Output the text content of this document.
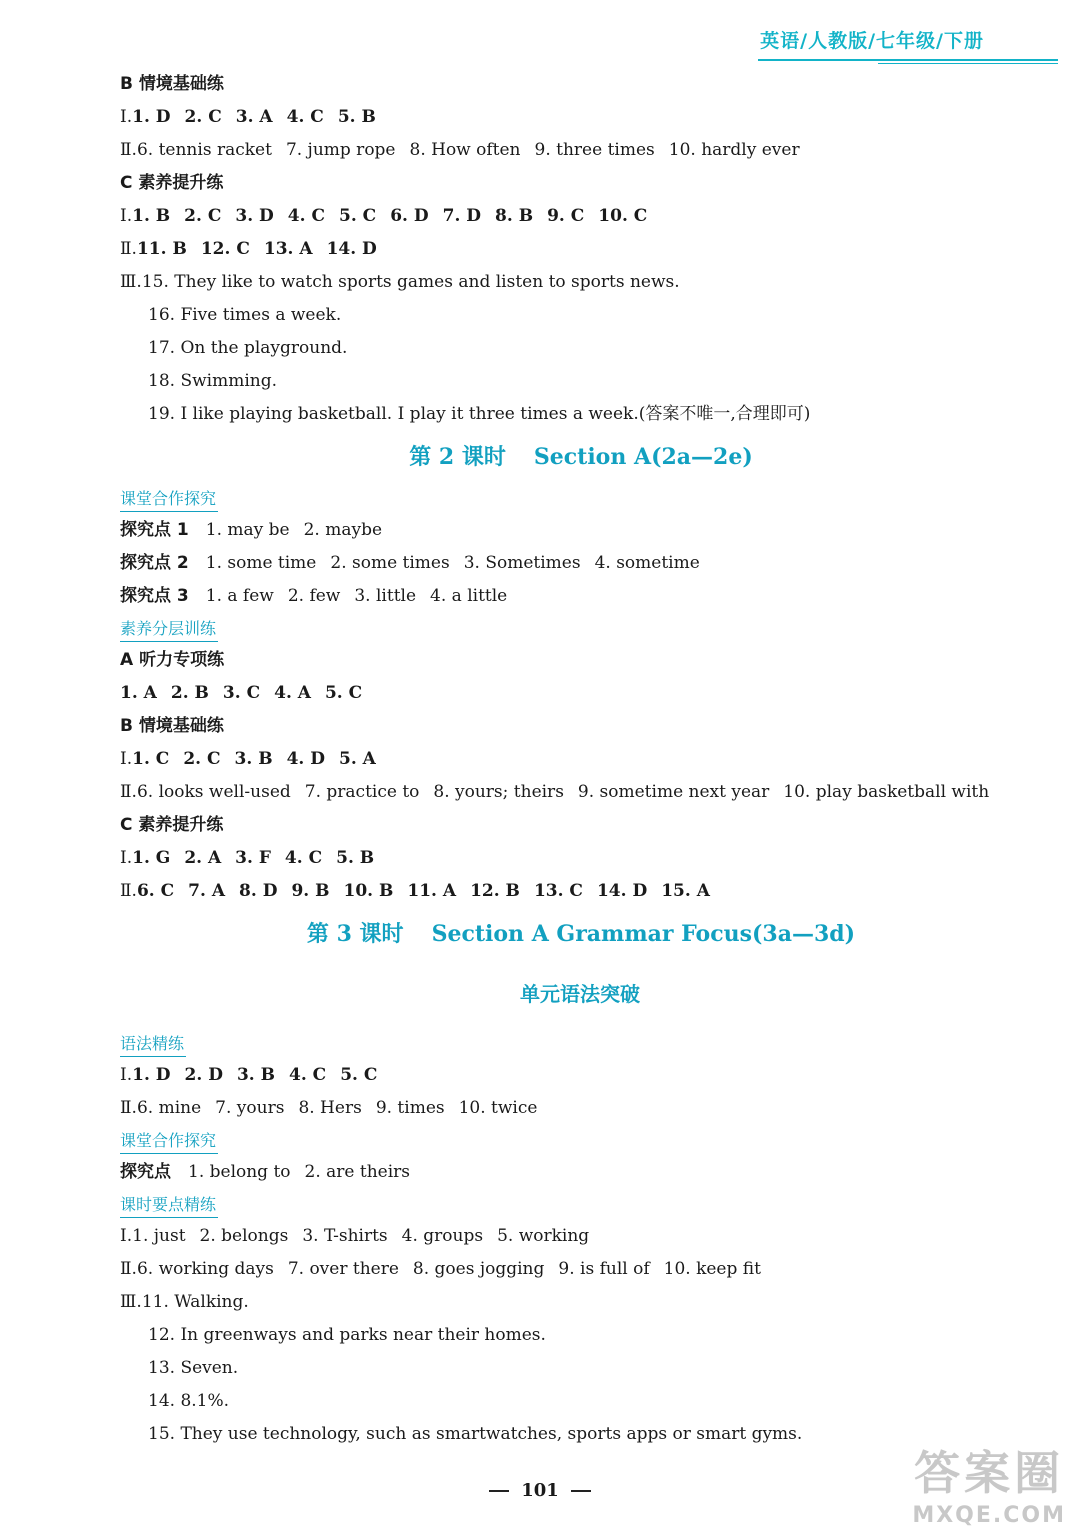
英语/人教版/七年级/下册
B 情境基础练
Ⅰ.1. D 2. C 3. A 4. C 5. B
Ⅱ.6. tennis racket 7. jump rope 8. How often 9. three times 10. hardly ever
C 素养提升练
Ⅰ.1. B 2. C 3. D 4. C 5. C 6. D 7. D 8. B 9. C 10. C
Ⅱ.11. B 12. C 13. A 14. D
Ⅲ.15. They like to watch sports games and listen to sports news.
16. Five times a week.
17. On the playground.
18. Swimming.
19. I like playing basketball. I play it three times a week.(答案不唯一,合理即可)
第 2 课时 Section A(2a—2e)
课堂合作探究
探究点 1  1. may be 2. maybe
探究点 2  1. some time 2. some times 3. Sometimes 4. sometime
探究点 3  1. a few 2. few 3. little 4. a little
素养分层训练
A 听力专项练
1. A 2. B 3. C 4. A 5. C
B 情境基础练
Ⅰ.1. C 2. C 3. B 4. D 5. A
Ⅱ.6. looks well-used 7. practice to 8. yours; theirs 9. sometime next year 10. play basketball with
C 素养提升练
Ⅰ.1. G 2. A 3. F 4. C 5. B
Ⅱ.6. C 7. A 8. D 9. B 10. B 11. A 12. B 13. C 14. D 15. A
第 3 课时 Section A Grammar Focus(3a—3d)
单元语法突破
语法精练
Ⅰ.1. D 2. D 3. B 4. C 5. C
Ⅱ.6. mine 7. yours 8. Hers 9. times 10. twice
课堂合作探究
探究点  1. belong to 2. are theirs
课时要点精练
Ⅰ.1. just 2. belongs 3. T-shirts 4. groups 5. working
Ⅱ.6. working days 7. over there 8. goes jogging 9. is full of 10. keep fit
Ⅲ.11. Walking.
12. In greenways and parks near their homes.
13. Seven.
14. 8.1%.
15. They use technology, such as smartwatches, sports apps or smart gyms.
101	答案圈
MXQE.COM
